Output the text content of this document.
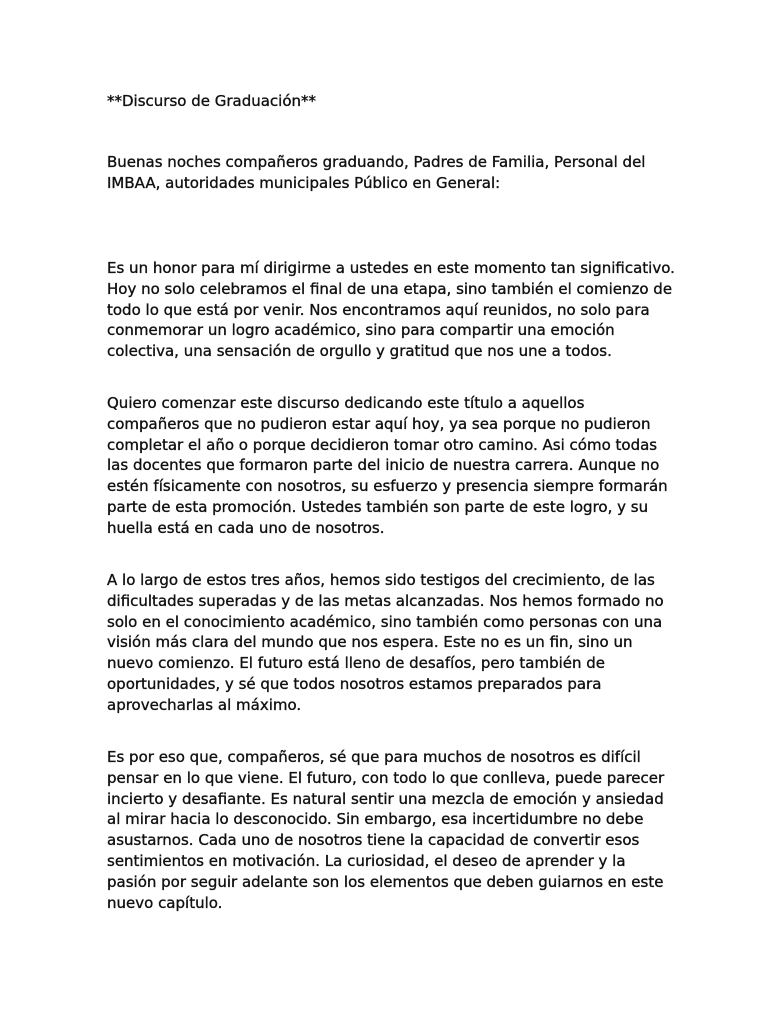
**Discurso de Graduación**

Buenas noches compañeros graduando, Padres de Familia, Personal del IMBAA, autoridades municipales Público en General:

Es un honor para mí dirigirme a ustedes en este momento tan significativo. Hoy no solo celebramos el final de una etapa, sino también el comienzo de todo lo que está por venir. Nos encontramos aquí reunidos, no solo para conmemorar un logro académico, sino para compartir una emoción colectiva, una sensación de orgullo y gratitud que nos une a todos.

Quiero comenzar este discurso dedicando este título a aquellos compañeros que no pudieron estar aquí hoy, ya sea porque no pudieron completar el año o porque decidieron tomar otro camino. Asi cómo todas las docentes que formaron parte del inicio de nuestra carrera. Aunque no estén físicamente con nosotros, su esfuerzo y presencia siempre formarán parte de esta promoción. Ustedes también son parte de este logro, y su huella está en cada uno de nosotros.

A lo largo de estos tres años, hemos sido testigos del crecimiento, de las dificultades superadas y de las metas alcanzadas. Nos hemos formado no solo en el conocimiento académico, sino también como personas con una visión más clara del mundo que nos espera. Este no es un fin, sino un nuevo comienzo. El futuro está lleno de desafíos, pero también de oportunidades, y sé que todos nosotros estamos preparados para aprovecharlas al máximo.

Es por eso que, compañeros, sé que para muchos de nosotros es difícil pensar en lo que viene. El futuro, con todo lo que conlleva, puede parecer incierto y desafiante. Es natural sentir una mezcla de emoción y ansiedad al mirar hacia lo desconocido. Sin embargo, esa incertidumbre no debe asustarnos. Cada uno de nosotros tiene la capacidad de convertir esos sentimientos en motivación. La curiosidad, el deseo de aprender y la pasión por seguir adelante son los elementos que deben guiarnos en este nuevo capítulo.
